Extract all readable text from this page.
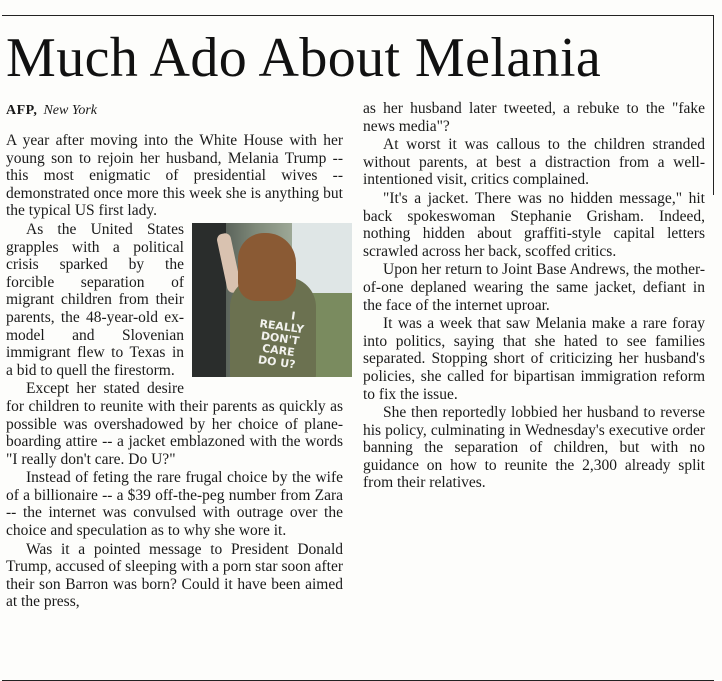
Much Ado About Melania
AFP, New York

A year after moving into the White House with her young son to rejoin her husband, Melania Trump -- this most enigmatic of presidential wives -- demonstrated once more this week she is anything but the typical US first lady.

I REALLY DON'T CARE DO U?
As the United States grapples with a political crisis sparked by the forcible separation of migrant children from their parents, the 48-year-old ex-model and Slovenian immigrant flew to Texas in a bid to quell the firestorm.

Except her stated desire for children to reunite with their parents as quickly as possible was overshadowed by her choice of plane-boarding attire -- a jacket emblazoned with the words "I really don't care. Do U?"

Instead of feting the rare frugal choice by the wife of a billionaire -- a $39 off-the-peg number from Zara -- the internet was convulsed with outrage over the choice and speculation as to why she wore it.

Was it a pointed message to President Donald Trump, accused of sleeping with a porn star soon after their son Barron was born? Could it have been aimed at the press,

as her husband later tweeted, a rebuke to the "fake news media"?

At worst it was callous to the children stranded without parents, at best a distraction from a well-intentioned visit, critics complained.

"It's a jacket. There was no hidden message," hit back spokeswoman Stephanie Grisham. Indeed, nothing hidden about graffiti-style capital letters scrawled across her back, scoffed critics.

Upon her return to Joint Base Andrews, the mother-of-one deplaned wearing the same jacket, defiant in the face of the internet uproar.

It was a week that saw Melania make a rare foray into politics, saying that she hated to see families separated. Stopping short of criticizing her husband's policies, she called for bipartisan immigration reform to fix the issue.

She then reportedly lobbied her husband to reverse his policy, culminating in Wednesday's executive order banning the separation of children, but with no guidance on how to reunite the 2,300 already split from their relatives.
